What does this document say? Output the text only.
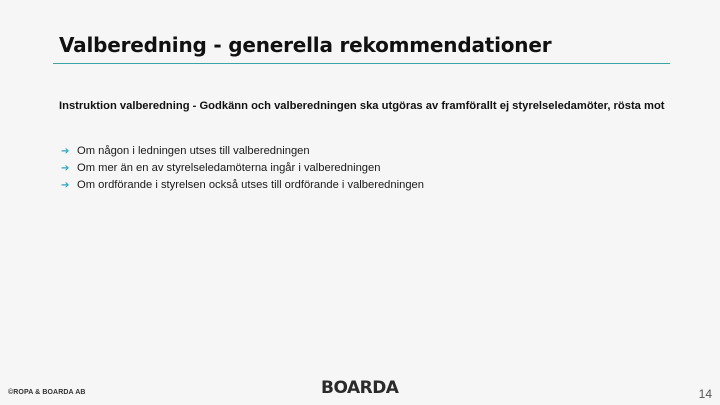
Valberedning - generella rekommendationer

Instruktion valberedning - Godkänn och valberedningen ska utgöras av framförallt ej styrelseledamöter, rösta mot

➔ Om någon i ledningen utses till valberedningen
➔ Om mer än en av styrelseledamöterna ingår i valberedningen
➔ Om ordförande i styrelsen också utses till ordförande i valberedningen
©ROPA & BOARDA AB	BOARDA	14
